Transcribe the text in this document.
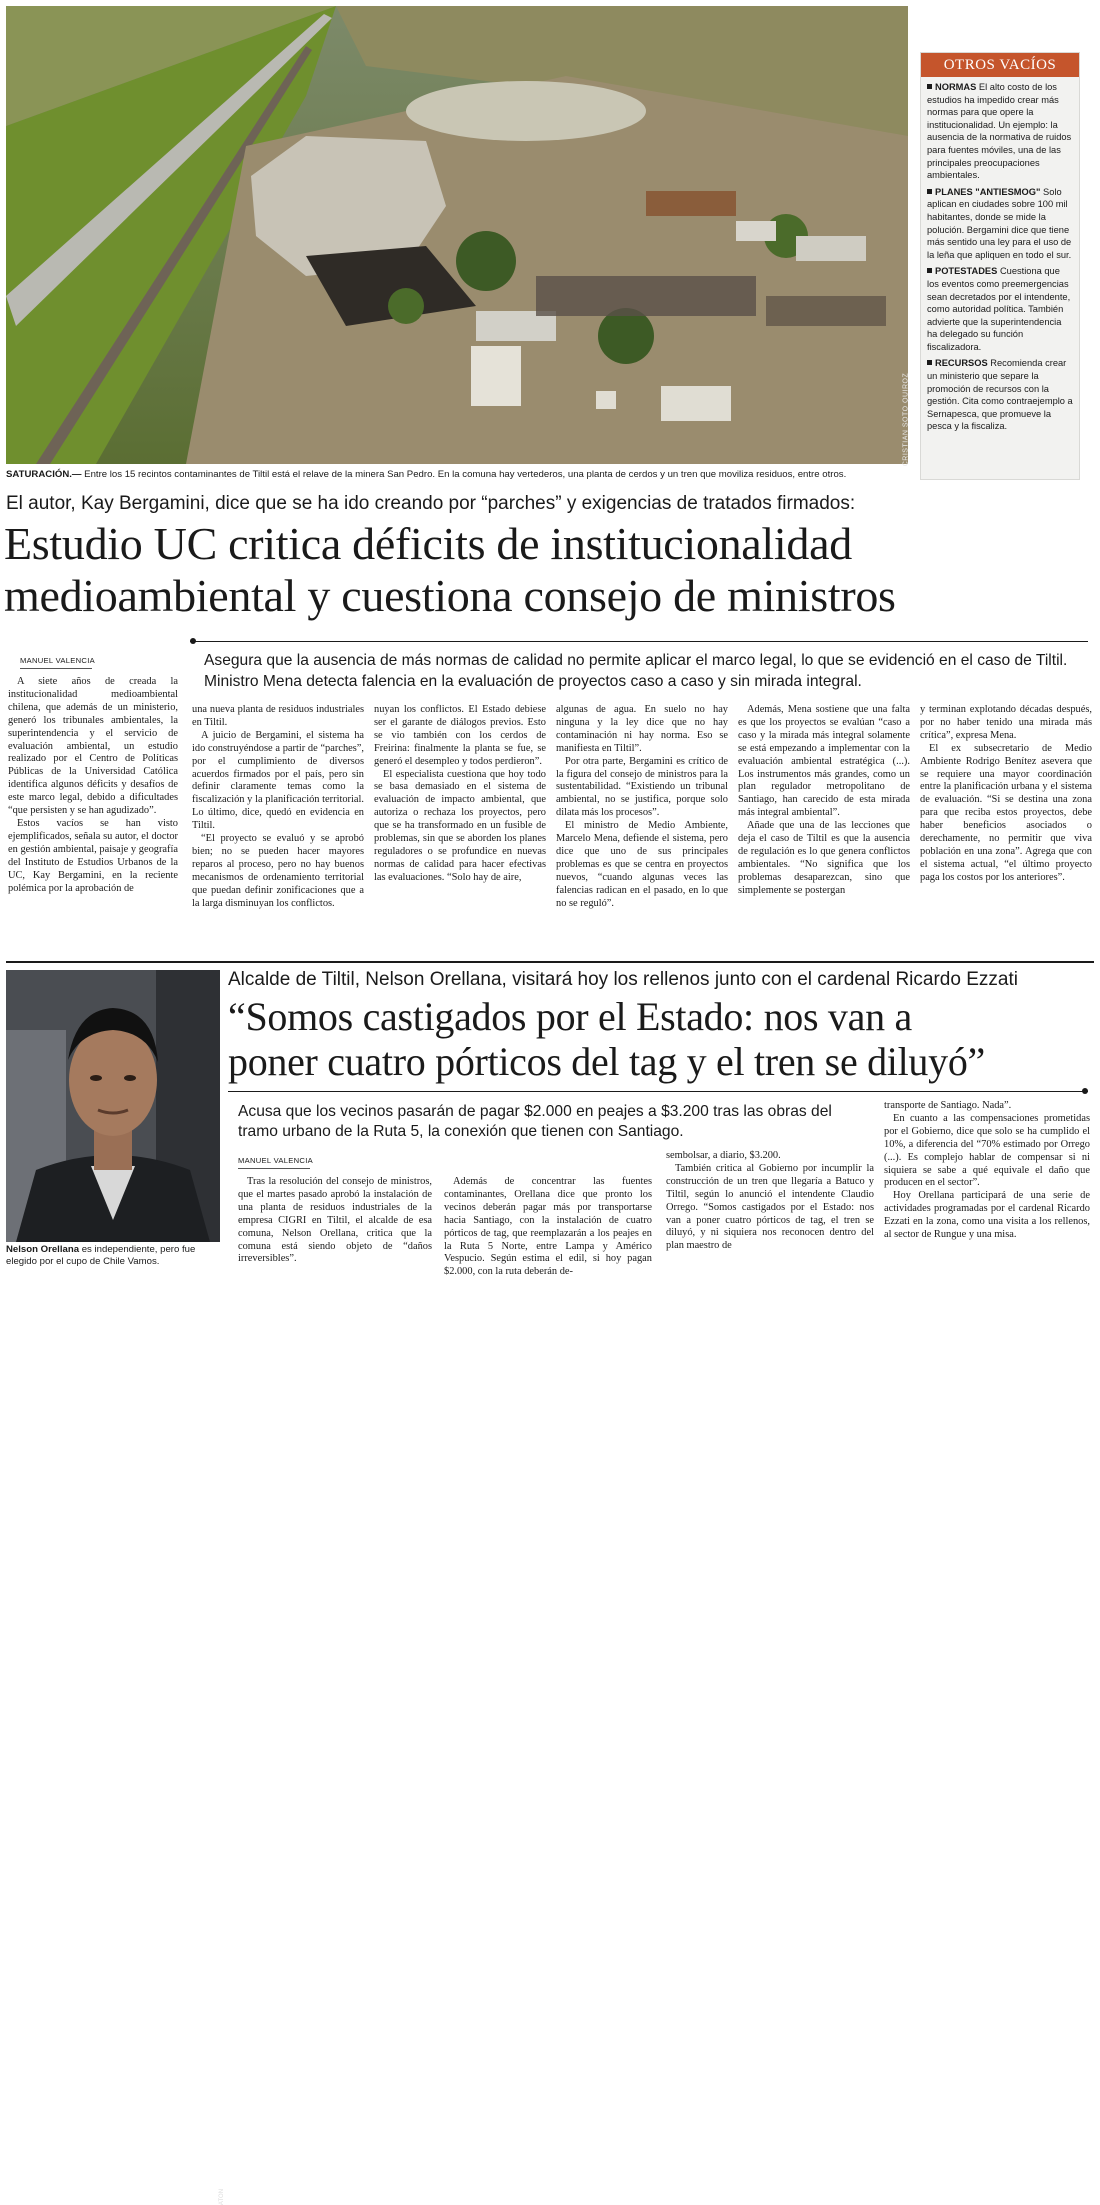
CRISTIAN SOTO QUIROZ
SATURACIÓN.— Entre los 15 recintos contaminantes de Tiltil está el relave de la minera San Pedro. En la comuna hay vertederos, una planta de cerdos y un tren que moviliza residuos, entre otros.
OTROS VACÍOS
NORMAS El alto costo de los estudios ha impedido crear más normas para que opere la institucionalidad. Un ejemplo: la ausencia de la normativa de ruidos para fuentes móviles, una de las principales preocupaciones ambientales.
PLANES "ANTIESMOG" Solo aplican en ciudades sobre 100 mil habitantes, donde se mide la polución. Bergamini dice que tiene más sentido una ley para el uso de la leña que apliquen en todo el sur.
POTESTADES Cuestiona que los eventos como preemergencias sean decretados por el intendente, como autoridad política. También advierte que la superintendencia ha delegado su función fiscalizadora.
RECURSOS Recomienda crear un ministerio que separe la promoción de recursos con la gestión. Cita como contraejemplo a Sernapesca, que promueve la pesca y la fiscaliza.
El autor, Kay Bergamini, dice que se ha ido creando por “parches” y exigencias de tratados firmados:
Estudio UC critica déficits de institucionalidad
medioambiental y cuestiona consejo de ministros
Asegura que la ausencia de más normas de calidad no permite aplicar el marco legal, lo que se evidenció en el caso de Tiltil. Ministro Mena detecta falencia en la evaluación de proyectos caso a caso y sin mirada integral.
MANUEL VALENCIA

A siete años de creada la institucionalidad medioambiental chilena, que además de un ministerio, generó los tribunales ambientales, la superintendencia y el servicio de evaluación ambiental, un estudio realizado por el Centro de Políticas Públicas de la Universidad Católica identifica algunos déficits y desafíos de este marco legal, debido a dificultades “que persisten y se han agudizado”.

Estos vacíos se han visto ejemplificados, señala su autor, el doctor en gestión ambiental, paisaje y geografía del Instituto de Estudios Urbanos de la UC, Kay Bergamini, en la reciente polémica por la aprobación de

una nueva planta de residuos industriales en Tiltil.

A juicio de Bergamini, el sistema ha ido construyéndose a partir de “parches”, por el cumplimiento de diversos acuerdos firmados por el país, pero sin definir claramente temas como la fiscalización y la planificación territorial. Lo último, dice, quedó en evidencia en Tiltil.

“El proyecto se evaluó y se aprobó bien; no se pueden hacer mayores reparos al proceso, pero no hay buenos mecanismos de ordenamiento territorial que puedan definir zonificaciones que a la larga disminuyan los conflictos.

nuyan los conflictos. El Estado debiese ser el garante de diálogos previos. Esto se vio también con los cerdos de Freirina: finalmente la planta se fue, se generó el desempleo y todos perdieron”.

El especialista cuestiona que hoy todo se basa demasiado en el sistema de evaluación de impacto ambiental, que autoriza o rechaza los proyectos, pero que se ha transformado en un fusible de problemas, sin que se aborden los planes reguladores o se profundice en nuevas normas de calidad para hacer efectivas las evaluaciones. “Solo hay de aire,

algunas de agua. En suelo no hay ninguna y la ley dice que no hay contaminación ni hay norma. Eso se manifiesta en Tiltil”.

Por otra parte, Bergamini es crítico de la figura del consejo de ministros para la sustentabilidad. “Existiendo un tribunal ambiental, no se justifica, porque solo dilata más los procesos”.

El ministro de Medio Ambiente, Marcelo Mena, defiende el sistema, pero dice que uno de sus principales problemas es que se centra en proyectos nuevos, “cuando algunas veces las falencias radican en el pasado, en lo que no se reguló”.

Además, Mena sostiene que una falta es que los proyectos se evalúan “caso a caso y la mirada más integral solamente se está empezando a implementar con la evaluación ambiental estratégica (...). Los instrumentos más grandes, como un plan regulador metropolitano de Santiago, han carecido de esta mirada más integral ambiental”.

Añade que una de las lecciones que deja el caso de Tiltil es que la ausencia de regulación es lo que genera conflictos ambientales. “No significa que los problemas desaparezcan, sino que simplemente se postergan

y terminan explotando décadas después, por no haber tenido una mirada más crítica”, expresa Mena.

El ex subsecretario de Medio Ambiente Rodrigo Benítez asevera que se requiere una mayor coordinación entre la planificación urbana y el sistema de evaluación. “Si se destina una zona para que reciba estos proyectos, debe haber beneficios asociados o derechamente, no permitir que viva población en una zona”. Agrega que con el sistema actual, “el último proyecto paga los costos por los anteriores”.

ATON
Nelson Orellana es independiente, pero fue elegido por el cupo de Chile Vamos.
Alcalde de Tiltil, Nelson Orellana, visitará hoy los rellenos junto con el cardenal Ricardo Ezzati
“Somos castigados por el Estado: nos van a
poner cuatro pórticos del tag y el tren se diluyó”
Acusa que los vecinos pasarán de pagar $2.000 en peajes a $3.200 tras las obras del tramo urbano de la Ruta 5, la conexión que tienen con Santiago.
MANUEL VALENCIA

Tras la resolución del consejo de ministros, que el martes pasado aprobó la instalación de una planta de residuos industriales de la empresa CIGRI en Tiltil, el alcalde de esa comuna, Nelson Orellana, critica que la comuna está siendo objeto de “daños irreversibles”.

Además de concentrar las fuentes contaminantes, Orellana dice que pronto los vecinos deberán pagar más por transportarse hacia Santiago, con la instalación de cuatro pórticos de tag, que reemplazarán a los peajes en la Ruta 5 Norte, entre Lampa y Américo Vespucio. Según estima el edil, si hoy pagan $2.000, con la ruta deberán de-

sembolsar, a diario, $3.200.

También critica al Gobierno por incumplir la construcción de un tren que llegaría a Batuco y Tiltil, según lo anunció el intendente Claudio Orrego. “Somos castigados por el Estado: nos van a poner cuatro pórticos de tag, el tren se diluyó, y ni siquiera nos reconocen dentro del plan maestro de

transporte de Santiago. Nada”.

En cuanto a las compensaciones prometidas por el Gobierno, dice que solo se ha cumplido el 10%, a diferencia del “70% estimado por Orrego (...). Es complejo hablar de compensar si ni siquiera se sabe a qué equivale el daño que producen en el sector”.

Hoy Orellana participará de una serie de actividades programadas por el cardenal Ricardo Ezzati en la zona, como una visita a los rellenos, al sector de Rungue y una misa.
